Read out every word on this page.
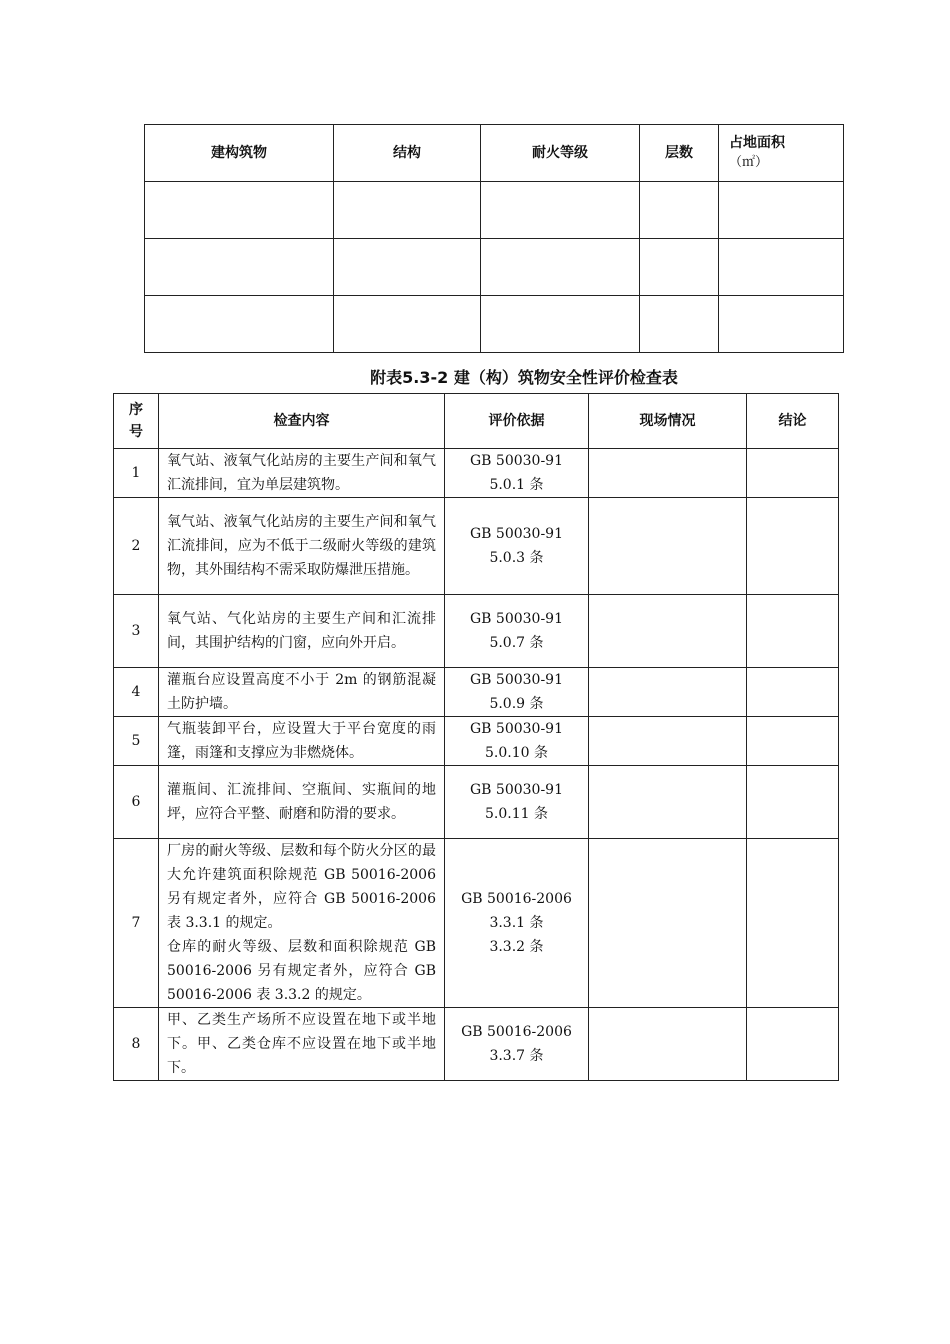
建构筑物	结构	耐火等级	层数	占地面积
（㎡）

附表5.3-2 建（构）筑物安全性评价检查表
序号	检查内容	评价依据	现场情况	结论
1	氧气站、液氧气化站房的主要生产间和氧气汇流排间，宜为单层建筑物。	GB 50030-91
5.0.1 条		

2	氧气站、液氧气化站房的主要生产间和氧气汇流排间，应为不低于二级耐火等级的建筑物，其外围结构不需采取防爆泄压措施。	GB 50030-91
5.0.3 条		

3	氧气站、气化站房的主要生产间和汇流排间，其围护结构的门窗，应向外开启。	GB 50030-91
5.0.7 条		

4	灌瓶台应设置高度不小于 2m 的钢筋混凝土防护墙。	GB 50030-91
5.0.9 条		

5	气瓶装卸平台，应设置大于平台宽度的雨篷，雨篷和支撑应为非燃烧体。	GB 50030-91
5.0.10 条		

6	灌瓶间、汇流排间、空瓶间、实瓶间的地坪，应符合平整、耐磨和防滑的要求。	GB 50030-91
5.0.11 条		

7	厂房的耐火等级、层数和每个防火分区的最大允许建筑面积除规范 GB 50016-2006 另有规定者外，应符合 GB 50016-2006 表 3.3.1 的规定。
仓库的耐火等级、层数和面积除规范 GB 50016-2006 另有规定者外，应符合 GB 50016-2006 表 3.3.2 的规定。	GB 50016-2006
3.3.1 条
3.3.2 条		

8	甲、乙类生产场所不应设置在地下或半地下。甲、乙类仓库不应设置在地下或半地下。	GB 50016-2006
3.3.7 条		
